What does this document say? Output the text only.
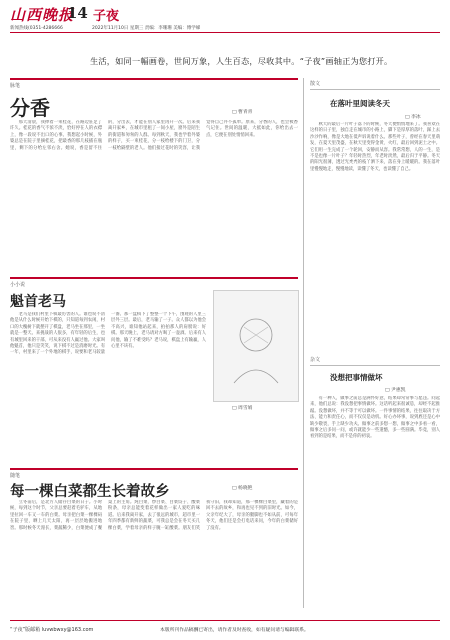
山西晚报
14 子夜
新闻热线(0351-4286666	2022年11月10日 星期三 责编：李珊珊 美编：傅学娣
生活，如同一幅画卷，世间万象，人生百态，尽收其中。“子夜”画轴正为您打开。
脉笔
分香	□ 曹青青
那天清晨，我捧着一束桂花，在路边驻足了许久。桂花的香气不浓不淡，恰好停在人的衣襟上，像一段说不出口的心事。我想起小时候，外婆总是在院子里摘桂花，把最香的那几枝插在瓶里，剩下的分给左邻右舍。她说，香是留不住的，分出去，才能在别人家里再开一次。后来我离开家乡，在城市里租了一间小屋，窗外是陌生的街道和匆匆的人群。每到秋天，我也学着外婆的样子，买一束桂花，分一枝给楼下的门卫，分一枝给隔壁的老人。他们接过花时的笑容，让我觉得自己并不孤单。原来，分香的人，也会被香气记住。世间的温暖，大抵如此，你给出去一点，它便在别处悄悄回来。
小小说
魁首老马
老马是我们村里下棋最厉害的人。谁也说不清他是从什么时候开始下棋的，只知道每到农闲，村口的大槐树下就摆开了棋盘，老马坐在那里，一坐就是一整天。来挑战的人很多，有年轻的后生，也有城里回来的干部，可从来没有人赢过他。大家叫他魁首，他只是笑笑，说下棋不过是消磨时光。有一年，村里来了一个外地的棋手，说要和老马较量一番。那一盘棋下了整整一个下午，围观的人里三层外三层。最后，老马输了一子。众人都以为他会不高兴，谁知他站起来，拍拍那人的肩膀说：好棋。那天晚上，老马请对方喝了一壶酒。后来有人问他，输了不难受吗？老马说，棋盘上有输赢，人心里不该有。
□ 周雪娟
随笔
每一棵白菜都生长着故乡	□ 杨晓艳
立冬前后，是北方人储存白菜的日子。小时候，每到这个时节，父亲总要赶着毛驴车，从地里拉回一车又一车的白菜。母亲把白菜一棵棵码在院子里，晒上几天太阳，再一层层地搬进地窖。那时候冬天漫长，菜蔬稀少，白菜便成了餐桌上的主角。炖白菜、炒白菜、白菜饺子、酸菜粉条，母亲总能变着花样做出一家人爱吃的味道。后来我离开家，去了很远的城市，超市里一年四季都有新鲜的蔬菜，可我总是会在冬天买几棵白菜，学着母亲的样子腌一缸酸菜。朋友们笑我守旧，我却知道，那一棵棵白菜里，藏着的是回不去的故乡，和再也见不到的旧时光。如今，父亲年纪大了，母亲的腿脚也不如从前，可每年冬天，他们还是会打电话来问，今年的白菜储好了没有。
散文
在落叶里阅读冬天
□ 李冰
秋天的最后一片叶子落下的时候，冬天便悄悄地来了。我喜欢在这样的日子里，独自走在城市的小路上，脚下是厚厚的落叶，踩上去沙沙作响，像是大地在低声诉说着什么。那些叶子，曾经在春天里萌发，在夏天里茂盛，在秋天里变得金黄、火红，最后回到泥土之中。它们用一生完成了一个轮回，安静而从容。我常常想，人的一生，是不是也像一片叶子？年轻时热烈，年老时淡然，最后归于平静。冬天的阳光很薄，透过光秃秃的枝丫洒下来，落在身上暖暖的。我在落叶里慢慢地走，慢慢地读，读懂了冬天，也读懂了自己。
杂文
没想把事情做坏
□ 尹惠凯
有一种人，做事之前总是满怀好意，结果却常常事与愿违。问起来，他们总说：我没想把事情做坏。这话听起来很诚恳，却经不起推敲。没想做坏，并不等于可以做坏。一件事情的结果，往往取决于方法、能力和责任心，而不仅仅是动机。好心办坏事，说到底还是心中缺少敬畏，手上缺少功夫。做事之前多想一想，做事之中多看一看，做事之后多问一问，或许就能少一些遗憾，多一些圆满。毕竟，别人看到的是结果，而不是你的初衷。
“子夜”版邮箱 luvwbwxy@163.com	本版所刊作品稿酬已寄出，请作者及时查收，如有疑问请与编辑联系。
